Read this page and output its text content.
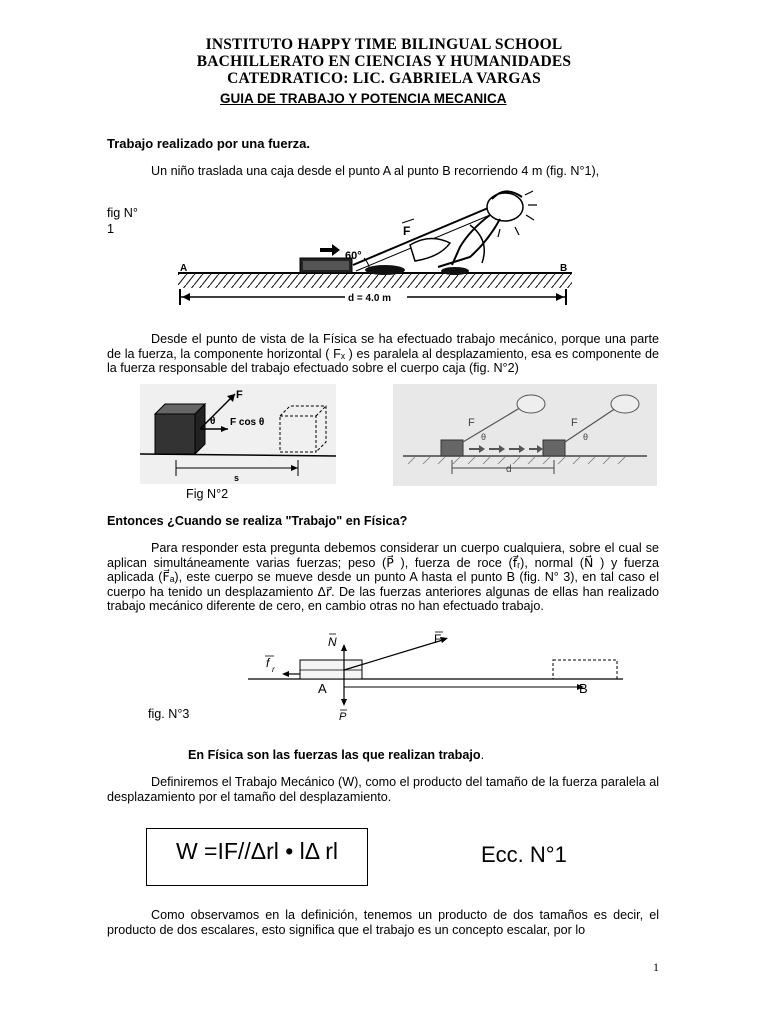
INSTITUTO HAPPY TIME BILINGUAL SCHOOL
BACHILLERATO EN CIENCIAS Y HUMANIDADES
CATEDRATICO: LIC. GABRIELA VARGAS
GUIA DE TRABAJO Y POTENCIA MECANICA
Trabajo realizado por una fuerza.
Un niño traslada una caja desde el punto A al punto B recorriendo 4 m (fig. N°1),
fig N°
1
60°
F
A	B
d = 4.0 m
Desde el punto de vista de la Física se ha efectuado trabajo mecánico, porque una parte de la fuerza, la componente horizontal ( Fₓ ) es paralela al desplazamiento, esa es componente de la fuerza responsable del trabajo efectuado sobre el cuerpo caja (fig. N°2)
F
θ F cos θ
s
F	F
θ	θ
d
Fig N°2
Entonces ¿Cuando se realiza "Trabajo" en Física?
Para responder esta pregunta debemos considerar un cuerpo cualquiera, sobre el cual se aplican simultáneamente varias fuerzas; peso (P⃗ ), fuerza de roce (f⃗ᵣ), normal (N⃗ ) y fuerza aplicada (F⃗ₐ), este cuerpo se mueve desde un punto A hasta el punto B (fig. N° 3), en tal caso el cuerpo ha tenido un desplazamiento Δr⃗. De las fuerzas anteriores algunas de ellas han realizado trabajo mecánico diferente de cero, en cambio otras no han efectuado trabajo.
N	F
f r
P
A	B
fig. N°3
En Física son las fuerzas las que realizan trabajo.
Definiremos el Trabajo Mecánico (W), como el producto del tamaño de la fuerza paralela al desplazamiento por el tamaño del desplazamiento.
W =IF//Δrl • lΔ rl	Ecc. N°1
Como observamos en la definición, tenemos un producto de dos tamaños es decir, el producto de dos escalares, esto significa que el trabajo es un concepto escalar, por lo
1
